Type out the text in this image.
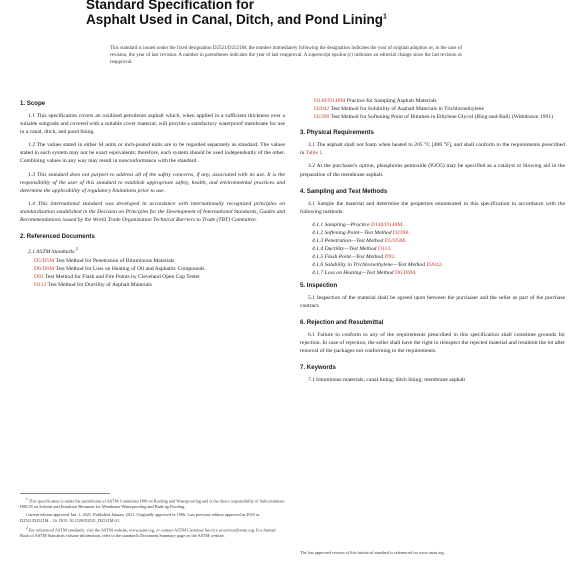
Standard Specification for
Asphalt Used in Canal, Ditch, and Pond Lining$^1$
This standard is issued under the fixed designation D2521/D2521M; the number immediately following the designation indicates the year of original adoption or, in the case of revision, the year of last revision. A number in parentheses indicates the year of last reapproval. A superscript epsilon (ε) indicates an editorial change since the last revision or reapproval.
1. Scope
1.1 This specification covers an oxidized petroleum asphalt which, when applied in a sufficient thickness over a suitable subgrade and covered with a suitable cover material, will provide a satisfactory waterproof membrane for use in a canal, ditch, and pond lining.
1.2 The values stated in either SI units or inch-pound units are to be regarded separately as standard. The values stated in each system may not be exact equivalents; therefore, each system should be used independently of the other. Combining values in any way may result in nonconformance with the standard.
1.3 This standard does not purport to address all of the safety concerns, if any, associated with its use. It is the responsibility of the user of this standard to establish appropriate safety, health, and environmental practices and determine the applicability of regulatory limitations prior to use.
1.4 This international standard was developed in accordance with internationally recognized principles on standardization established in the Decision on Principles for the Development of International Standards, Guides and Recommendations issued by the World Trade Organization Technical Barriers to Trade (TBT) Committee.
2. Referenced Documents
2.1 ASTM Standards:$^2$
D5/D5M Test Method for Penetration of Bituminous Materials
D6/D6M Test Method for Loss on Heating of Oil and Asphaltic Compounds
D92 Test Method for Flash and Fire Points by Cleveland Open Cup Tester
D113 Test Method for Ductility of Asphalt Materials
$^1$ This specification is under the jurisdiction of ASTM Committee D08 on Roofing and Waterproofing and is the direct responsibility of Subcommittee D08.05 on Solvent and Emulsion Bitumens for Membrane Waterproofing and Built-up Roofing.
Current edition approved Jan. 1, 2021. Published January 2021. Originally approved in 1966. Last previous edition approved in 2016 as D2521/D2521M – 16. DOI: 10.1520/D2521_D2521M-21.
$^2$ For referenced ASTM standards, visit the ASTM website, www.astm.org, or contact ASTM Customer Service at service@astm.org. For Annual Book of ASTM Standards volume information, refer to the standard's Document Summary page on the ASTM website.
D140/D140M Practice for Sampling Asphalt Materials
D2042 Test Method for Solubility of Asphalt Materials in Trichloroethylene
D2398 Test Method for Softening Point of Bitumen in Ethylene Glycol (Ring-and-Ball) (Withdrawn 1991)
3. Physical Requirements
3.1 The asphalt shall not foam when heated to 205 °C [400 °F], and shall conform to the requirements prescribed in Table 1.
3.2 At the purchaser's option, phosphorus pentoxide (P2O5) may be specified as a catalyst or blowing aid in the preparation of the membrane asphalt.
4. Sampling and Test Methods
4.1 Sample the material and determine the properties enumerated in this specification in accordance with the following methods:
4.1.1 Sampling—Practice D140/D140M.
4.1.2 Softening Point—Test Method D2398.
4.1.3 Penetration—Test Method D5/D5M.
4.1.4 Ductility—Test Method D113.
4.1.5 Flash Point—Test Method D92.
4.1.6 Solubility in Trichloroethylene—Test Method D2042.
4.1.7 Loss on Heating—Test Method D6/D6M.
5. Inspection
5.1 Inspection of the material shall be agreed upon between the purchaser and the seller as part of the purchase contract.
6. Rejection and Resubmittal
6.1 Failure to conform to any of the requirements prescribed in this specification shall constitute grounds for rejection. In case of rejection, the seller shall have the right to reinspect the rejected material and resubmit the lot after removal of the packages not conforming to the requirements.
7. Keywords
7.1 bituminous materials; canal lining; ditch lining; membrane asphalt
The last approved version of this historical standard is referenced on www.astm.org.
